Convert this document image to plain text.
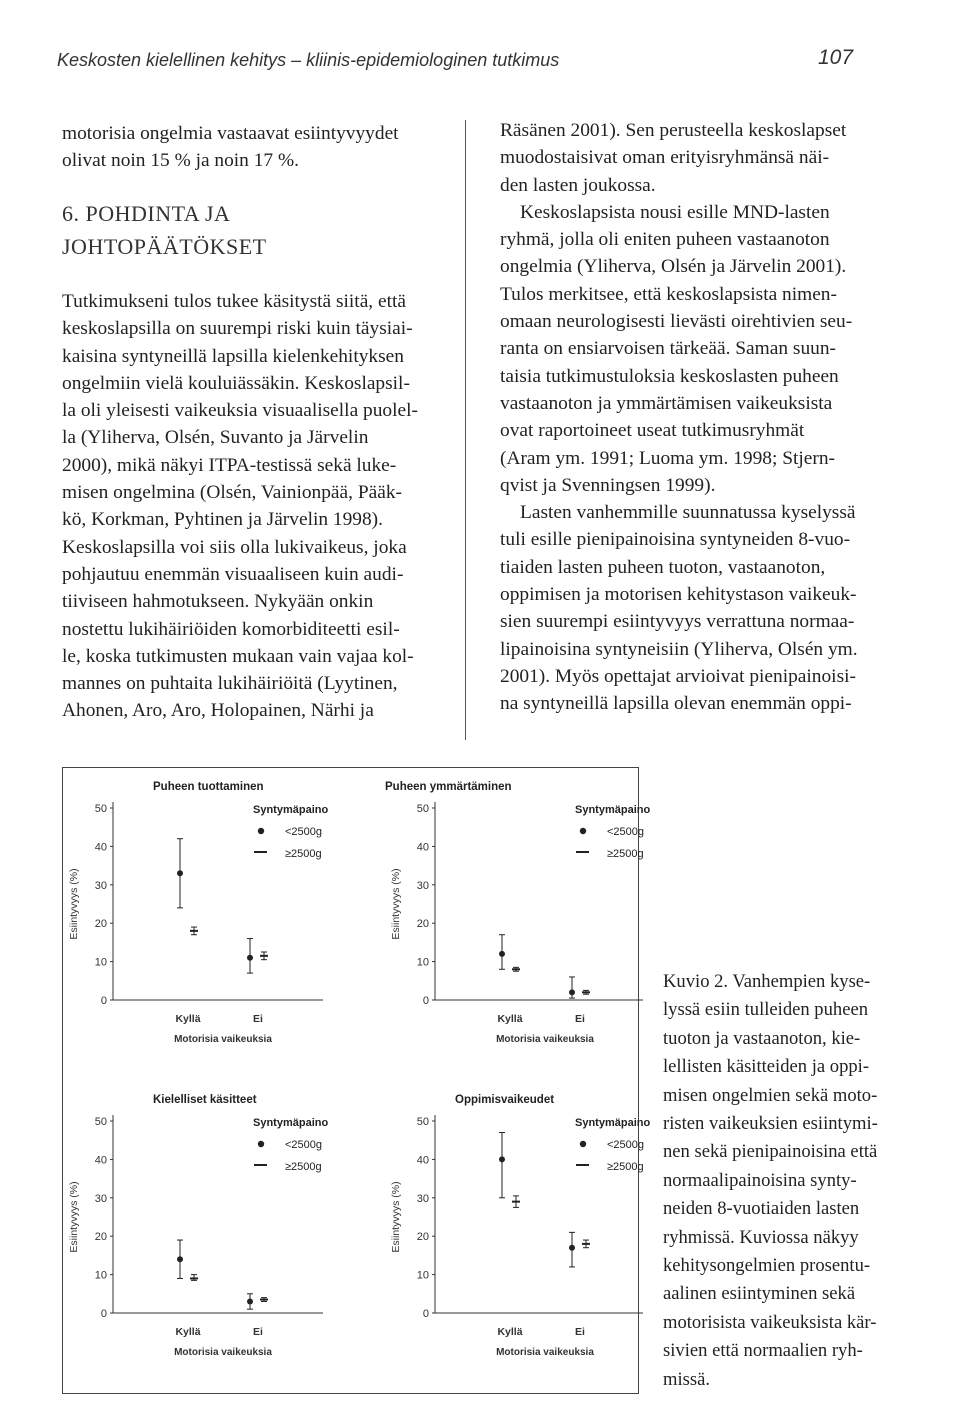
Keskosten kielellinen kehitys – kliinis-epidemiologinen tutkimus	107

motorisia ongelmia vastaavat esiintyvyydet

olivat noin 15 % ja noin 17 %.

Tutkimukseni tulos tukee käsitystä siitä, että

keskoslapsilla on suurempi riski kuin täysiai-

kaisina syntyneillä lapsilla kielenkehityksen

ongelmiin vielä kouluiässäkin. Keskoslapsil-

la oli yleisesti vaikeuksia visuaalisella puolel-

la (Yliherva, Olsén, Suvanto ja Järvelin

2000), mikä näkyi ITPA-testissä sekä luke-

misen ongelmina (Olsén, Vainionpää, Pääk-

kö, Korkman, Pyhtinen ja Järvelin 1998).

Keskoslapsilla voi siis olla lukivaikeus, joka

pohjautuu enemmän visuaaliseen kuin audi-

tiiviseen hahmotukseen. Nykyään onkin

nostettu lukihäiriöiden komorbiditeetti esil-

le, koska tutkimusten mukaan vain vajaa kol-

mannes on puhtaita lukihäiriöitä (Lyytinen,

Ahonen, Aro, Aro, Holopainen, Närhi ja

6. POHDINTA JA
JOHTOPÄÄTÖKSET

Räsänen 2001). Sen perusteella keskoslapset

muodostaisivat oman erityisryhmänsä näi-

den lasten joukossa.

Keskoslapsista nousi esille MND-lasten

ryhmä, jolla oli eniten puheen vastaanoton

ongelmia (Yliherva, Olsén ja Järvelin 2001).

Tulos merkitsee, että keskoslapsista nimen-

omaan neurologisesti lievästi oirehtivien seu-

ranta on ensiarvoisen tärkeää. Saman suun-

taisia tutkimustuloksia keskoslasten puheen

vastaanoton ja ymmärtämisen vaikeuksista

ovat raportoineet useat tutkimusryhmät

(Aram ym. 1991; Luoma ym. 1998; Stjern-

qvist ja Svenningsen 1999).

Lasten vanhemmille suunnatussa kyselyssä

tuli esille pienipainoisina syntyneiden 8-vuo-

tiaiden lasten puheen tuoton, vastaanoton,

oppimisen ja motorisen kehitystason vaikeuk-

sien suurempi esiintyvyys verrattuna normaa-

lipainoisina syntyneisiin (Yliherva, Olsén ym.

2001). Myös opettajat arvioivat pienipainoisi-

na syntyneillä lapsilla olevan enemmän oppi-

Puheen tuottaminen
0
10
20
30
40
50
Esiintyvyys (%)
Kyllä	Ei
Motorisia vaikeuksia
Syntymäpaino
<2500g
≥2500g
Puheen ymmärtäminen
0
10
20
30
40
50
Esiintyvyys (%)
Kyllä	Ei
Motorisia vaikeuksia
Syntymäpaino
<2500g
≥2500g
Kielelliset käsitteet
0
10
20
30
40
50
Esiintyvyys (%)
Kyllä	Ei
Motorisia vaikeuksia
Syntymäpaino
<2500g
≥2500g
Oppimisvaikeudet
0
10
20
30
40
50
Esiintyvyys (%)
Kyllä	Ei
Motorisia vaikeuksia
Syntymäpaino
<2500g
≥2500g
Kuvio 2. Vanhempien kyse-
lyssä esiin tulleiden puheen
tuoton ja vastaanoton, kie-
lellisten käsitteiden ja oppi-
misen ongelmien sekä moto-
risten vaikeuksien esiintymi-
nen sekä pienipainoisina että
normaalipainoisina synty-
neiden 8-vuotiaiden lasten
ryhmissä. Kuviossa näkyy
kehitysongelmien prosentu-
aalinen esiintyminen sekä
motorisista vaikeuksista kär-
sivien että normaalien ryh-
missä.
